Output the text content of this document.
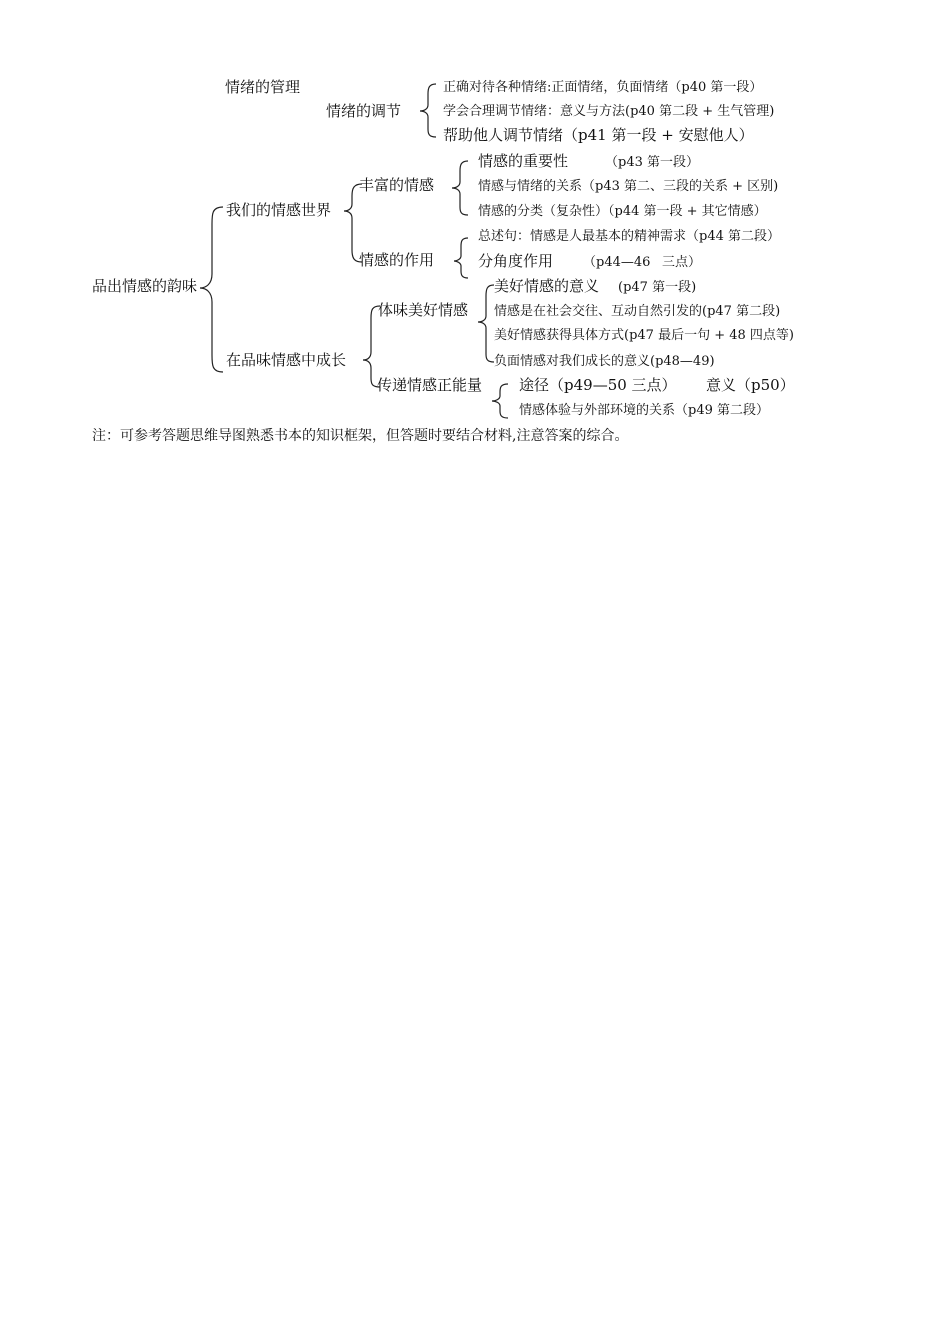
情绪的管理
情绪的调节
正确对待各种情绪:正面情绪，负面情绪（p40 第一段）
学会合理调节情绪：意义与方法(p40 第二段 + 生气管理)
帮助他人调节情绪（p41 第一段 + 安慰他人）
品出情感的韵味
我们的情感世界
丰富的情感
情感的重要性	（p43 第一段）
情感与情绪的关系（p43 第二、三段的关系 + 区别)
情感的分类（复杂性）（p44 第一段 + 其它情感）
情感的作用
总述句：情感是人最基本的精神需求（p44 第二段）
分角度作用 （p44—46 三点）
在品味情感中成长
体味美好情感
美好情感的意义 (p47 第一段)
情感是在社会交往、互动自然引发的(p47 第二段)
美好情感获得具体方式(p47 最后一句 + 48 四点等)
负面情感对我们成长的意义(p48—49)
传递情感正能量 途径（p49—50 三点） 意义（p50）
情感体验与外部环境的关系（p49 第二段）
注：可参考答题思维导图熟悉书本的知识框架，但答题时要结合材料,注意答案的综合。
